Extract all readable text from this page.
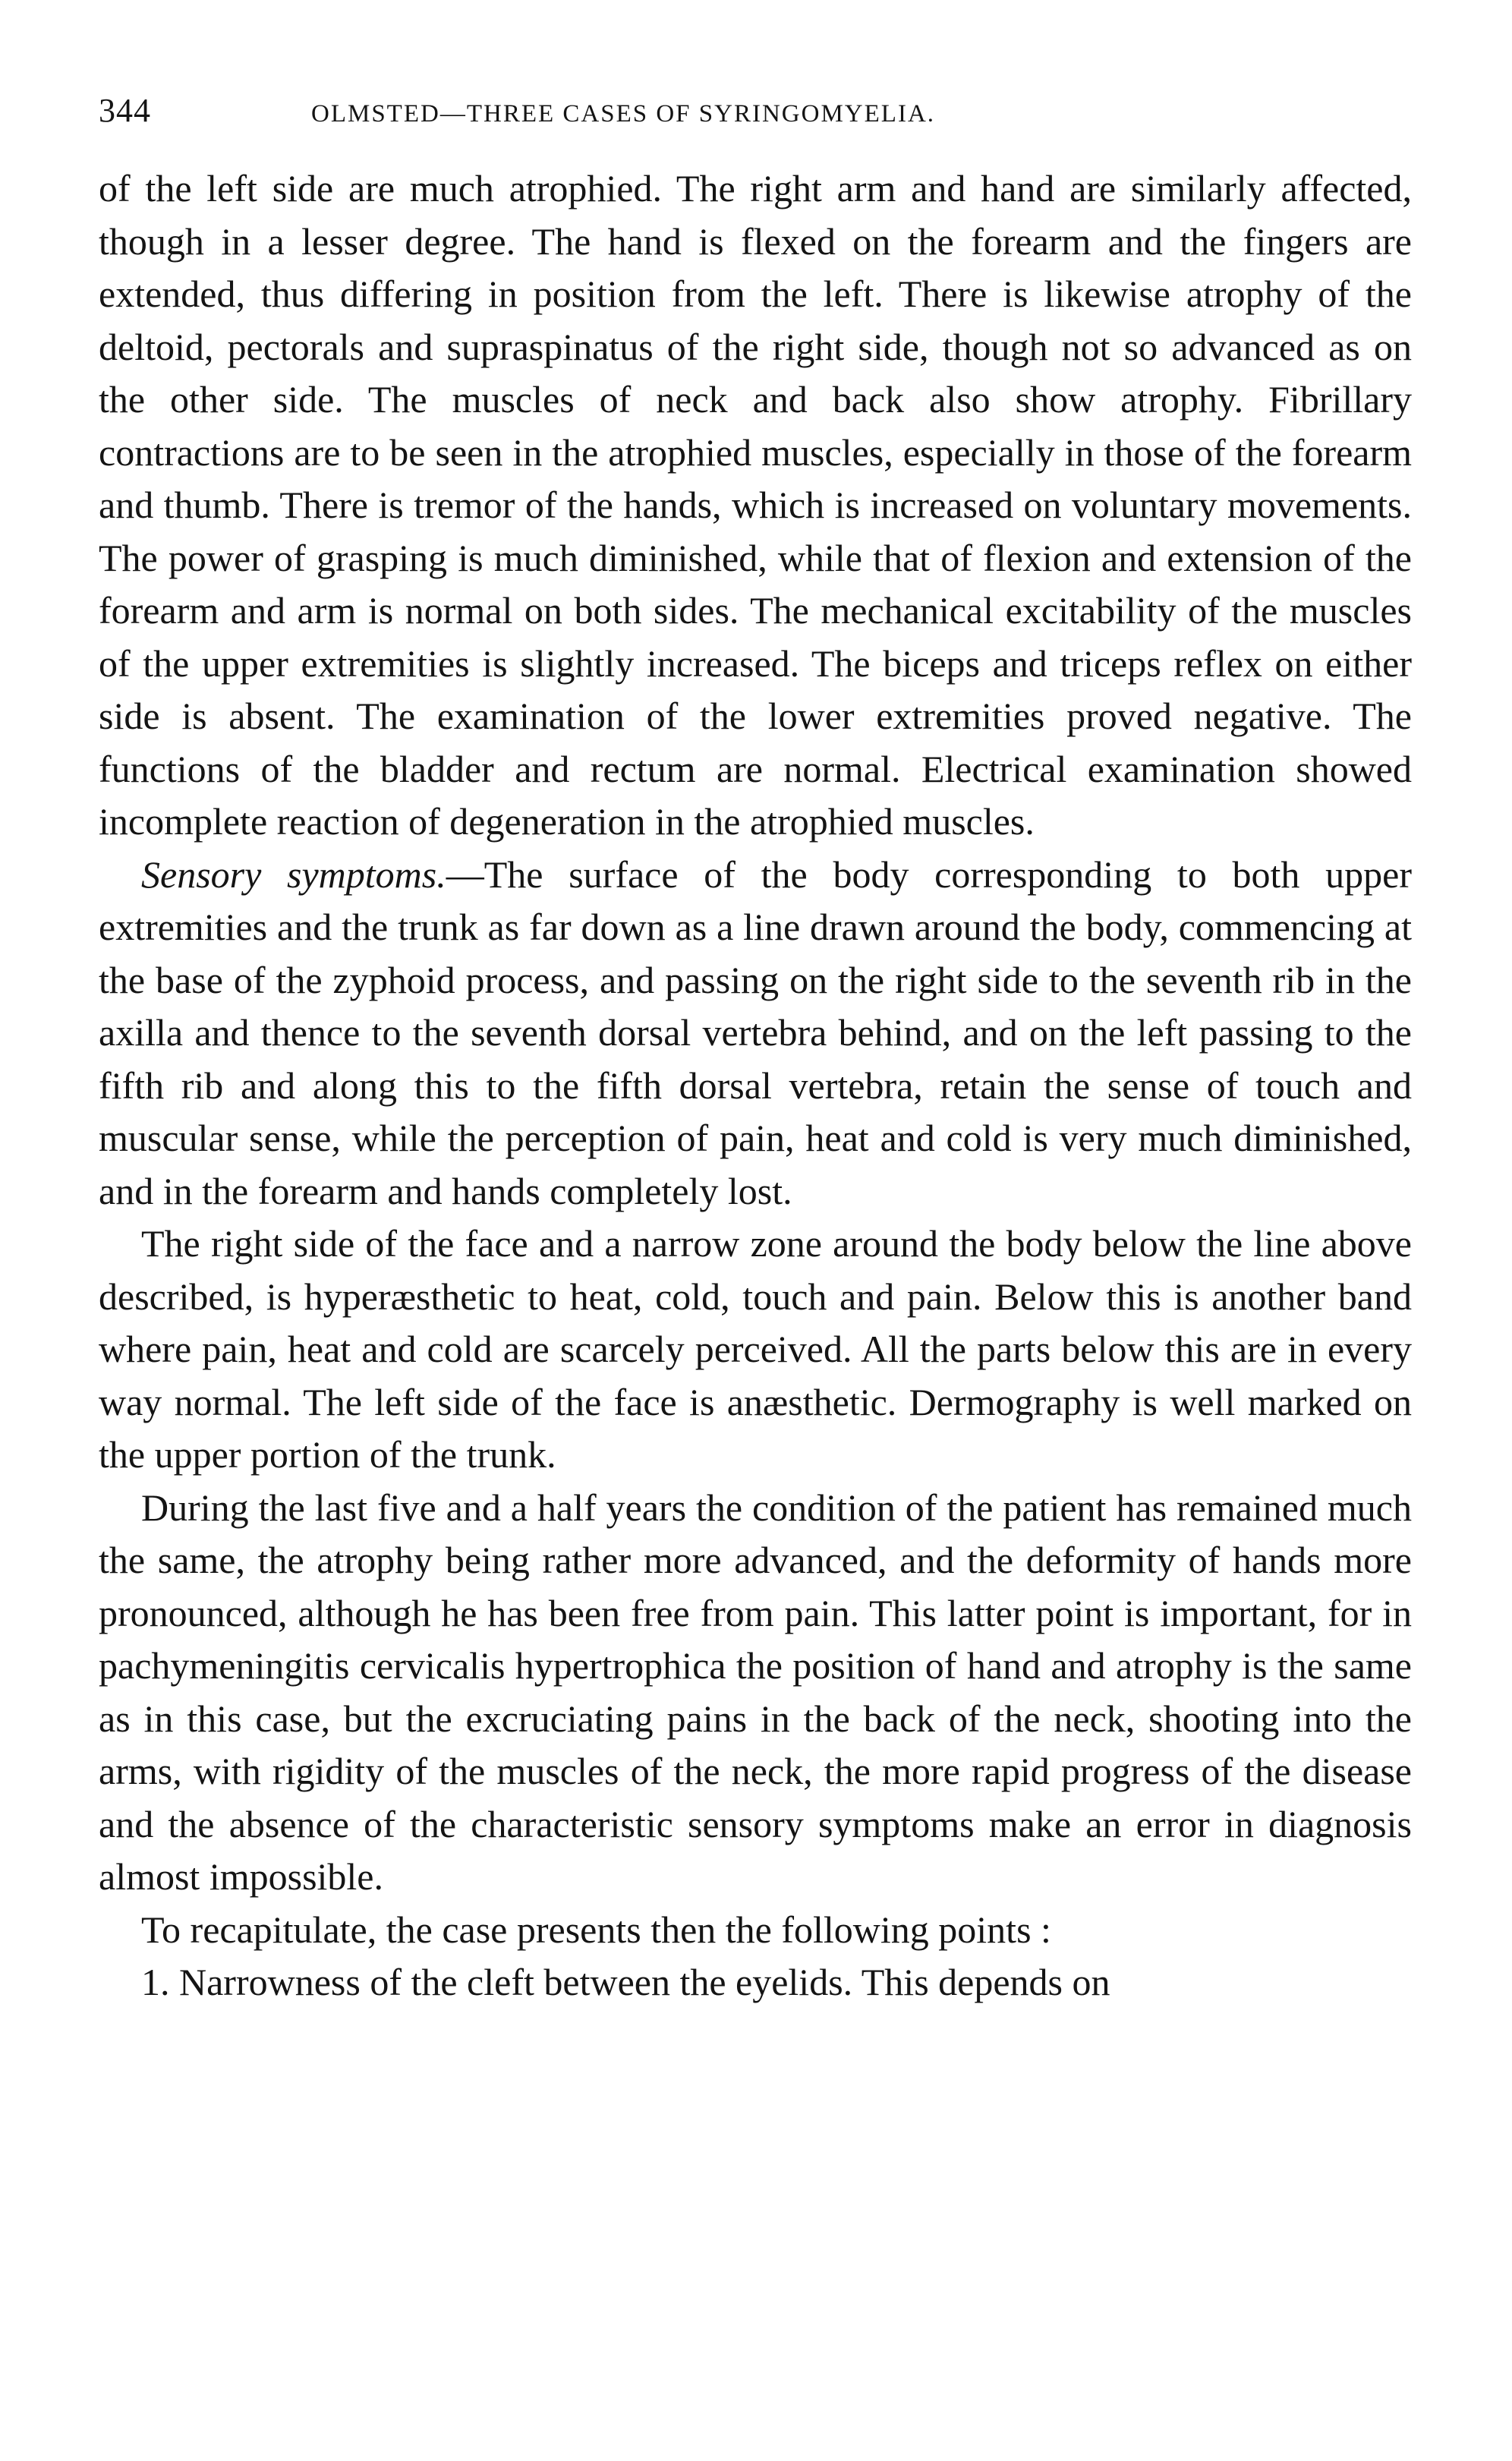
344	OLMSTED—THREE CASES OF SYRINGOMYELIA.

of the left side are much atrophied. The right arm and hand are similarly affected, though in a lesser degree. The hand is flexed on the forearm and the fingers are extended, thus differing in position from the left. There is likewise atrophy of the deltoid, pectorals and supraspinatus of the right side, though not so advanced as on the other side. The muscles of neck and back also show atrophy. Fibrillary contractions are to be seen in the atrophied muscles, especially in those of the forearm and thumb. There is tremor of the hands, which is increased on voluntary movements. The power of grasping is much diminished, while that of flexion and extension of the forearm and arm is normal on both sides. The mechanical excitability of the muscles of the upper extremities is slightly increased. The biceps and triceps reflex on either side is absent. The examination of the lower extremities proved negative. The functions of the bladder and rectum are normal. Electrical examination showed incomplete reaction of degeneration in the atrophied muscles.

Sensory symptoms.—The surface of the body corresponding to both upper extremities and the trunk as far down as a line drawn around the body, commencing at the base of the zyphoid process, and passing on the right side to the seventh rib in the axilla and thence to the seventh dorsal vertebra behind, and on the left passing to the fifth rib and along this to the fifth dorsal vertebra, retain the sense of touch and muscular sense, while the perception of pain, heat and cold is very much diminished, and in the forearm and hands completely lost.

The right side of the face and a narrow zone around the body below the line above described, is hyperæsthetic to heat, cold, touch and pain. Below this is another band where pain, heat and cold are scarcely perceived. All the parts below this are in every way normal. The left side of the face is anæsthetic. Dermography is well marked on the upper portion of the trunk.

During the last five and a half years the condition of the patient has remained much the same, the atrophy being rather more advanced, and the deformity of hands more pronounced, although he has been free from pain. This latter point is important, for in pachymeningitis cervicalis hypertrophica the position of hand and atrophy is the same as in this case, but the excruciating pains in the back of the neck, shooting into the arms, with rigidity of the muscles of the neck, the more rapid progress of the disease and the absence of the characteristic sensory symptoms make an error in diagnosis almost impossible.

To recapitulate, the case presents then the following points :

1. Narrowness of the cleft between the eyelids. This depends on
